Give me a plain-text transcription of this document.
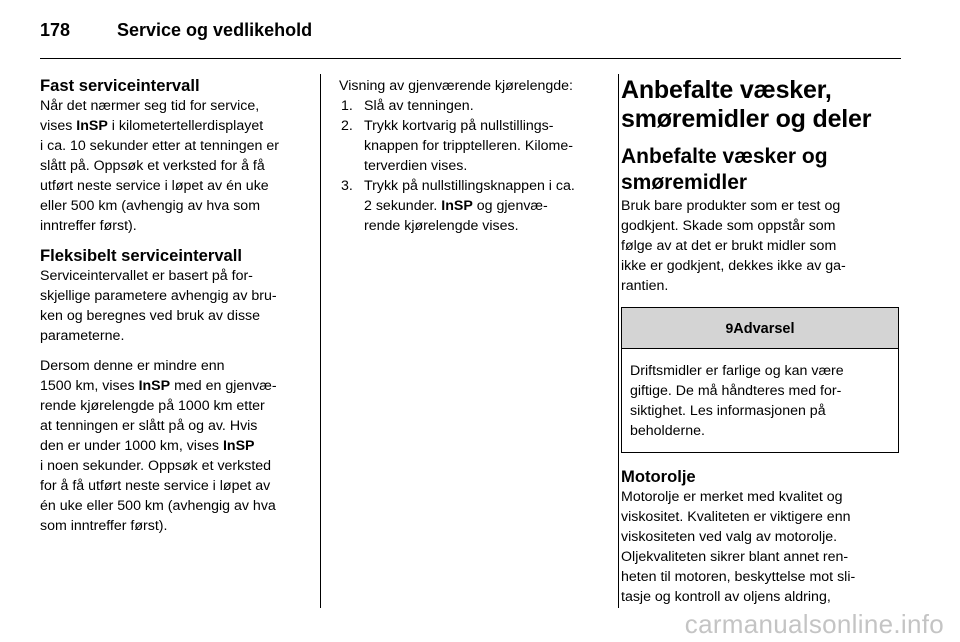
178	Service og vedlikehold
Fast serviceintervall

Når det nærmer seg tid for service,
vises InSP i kilometertellerdisplayet
i ca. 10 sekunder etter at tenningen er
slått på. Oppsøk et verksted for å få
utført neste service i løpet av én uke
eller 500 km (avhengig av hva som
inntreffer først).

Fleksibelt serviceintervall

Serviceintervallet er basert på for-
skjellige parametere avhengig av bru-
ken og beregnes ved bruk av disse
parameterne.

Dersom denne er mindre enn
1500 km, vises InSP med en gjenvæ-
rende kjørelengde på 1000 km etter
at tenningen er slått på og av. Hvis
den er under 1000 km, vises InSP
i noen sekunder. Oppsøk et verksted
for å få utført neste service i løpet av
én uke eller 500 km (avhengig av hva
som inntreffer først).

Visning av gjenværende kjørelengde:

1. Slå av tenningen.
2. Trykk kortvarig på nullstillings-
knappen for tripptelleren. Kilome-
terverdien vises.
3. Trykk på nullstillingsknappen i ca.
2 sekunder. InSP og gjenvæ-
rende kjørelengde vises.
Anbefalte væsker,
smøremidler og deler
Anbefalte væsker og
smøremidler

Bruk bare produkter som er test og
godkjent. Skade som oppstår som
følge av at det er brukt midler som
ikke er godkjent, dekkes ikke av ga-
rantien.

9Advarsel
Driftsmidler er farlige og kan være
giftige. De må håndteres med for-
siktighet. Les informasjonen på
beholderne.
Motorolje

Motorolje er merket med kvalitet og
viskositet. Kvaliteten er viktigere enn
viskositeten ved valg av motorolje.
Oljekvaliteten sikrer blant annet ren-
heten til motoren, beskyttelse mot sli-
tasje og kontroll av oljens aldring,

carmanualsonline.info
